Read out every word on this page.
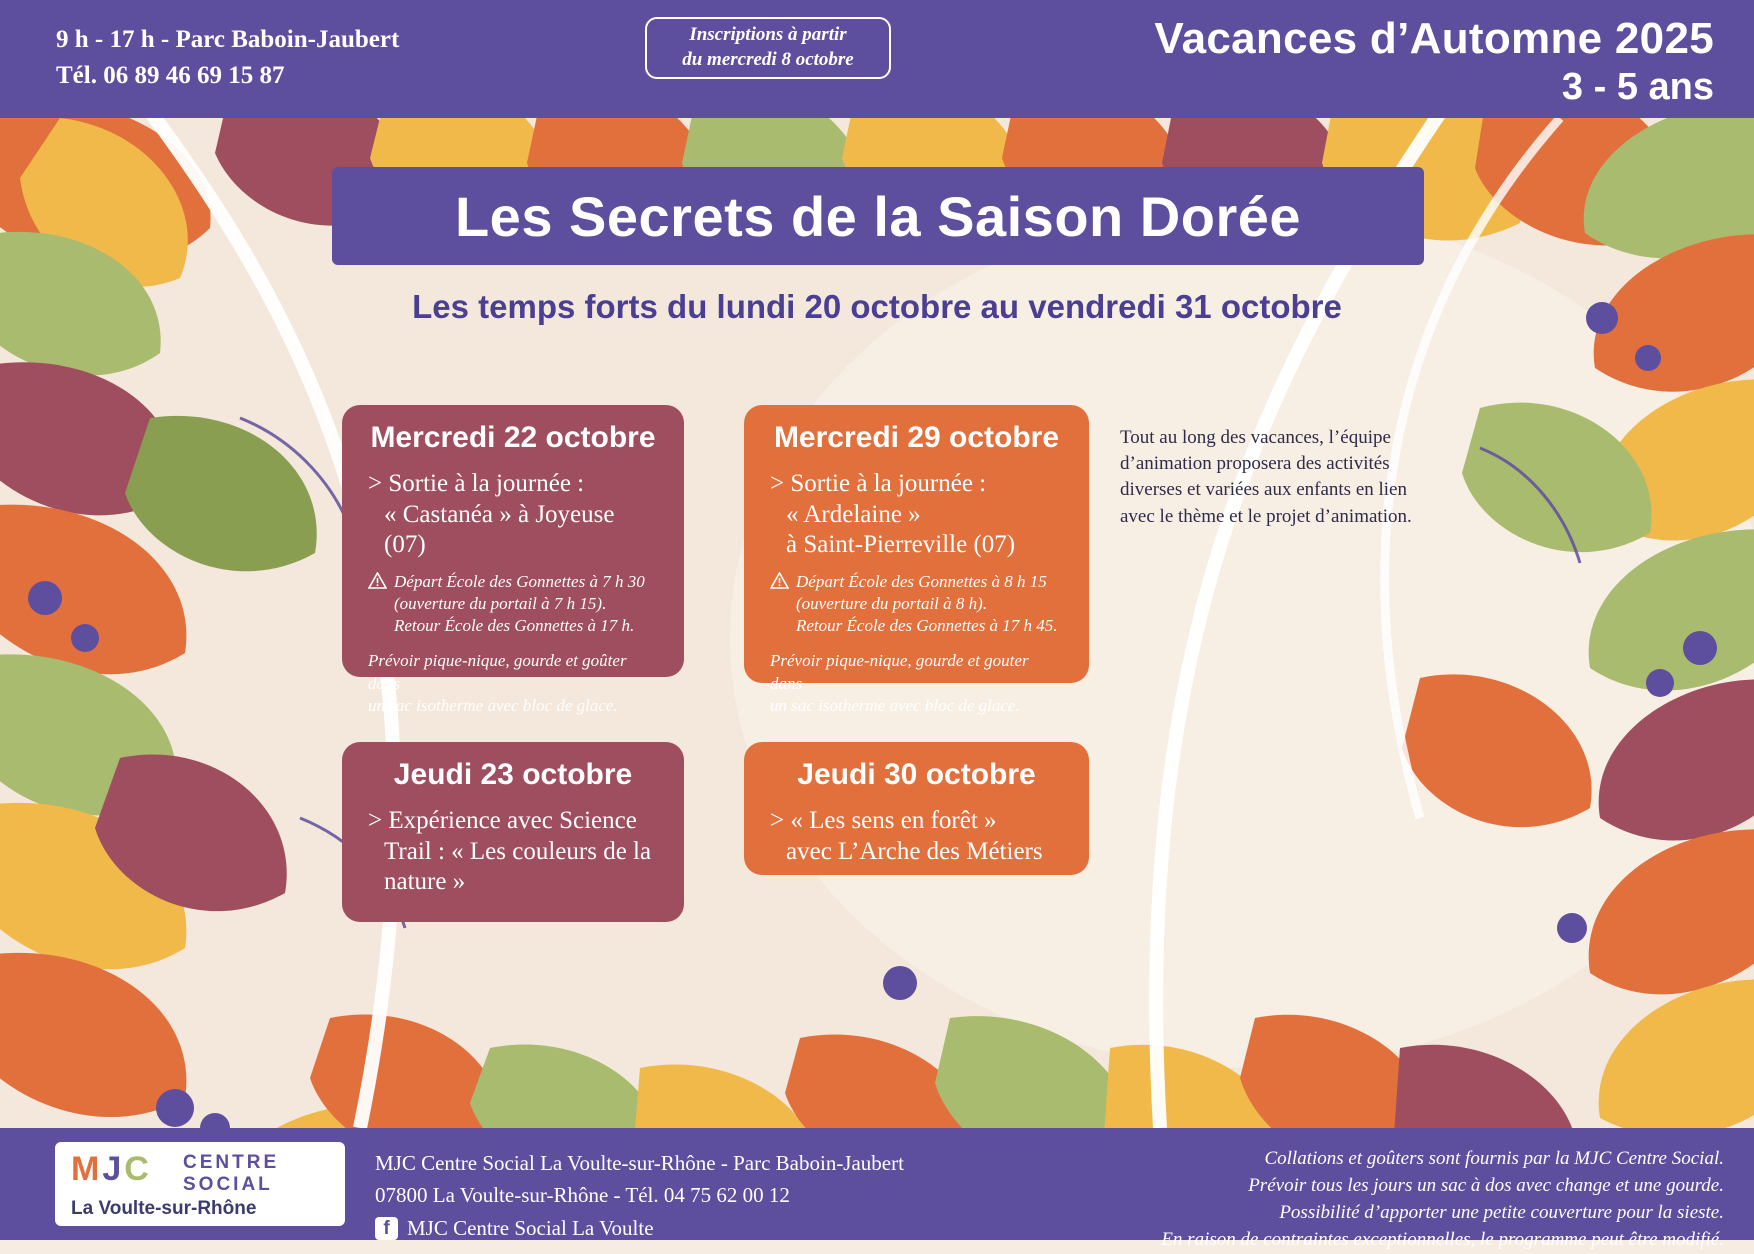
9 h - 17 h - Parc Baboin-Jaubert
Tél. 06 89 46 69 15 87
Inscriptions à partir
du mercredi 8 octobre	Vacances d’Automne 2025
3 - 5 ans
Les Secrets de la Saison Dorée
Les temps forts du lundi 20 octobre au vendredi 31 octobre
Mercredi 22 octobre
> Sortie à la journée :
« Castanéa » à Joyeuse (07)
Départ École des Gonnettes à 7 h 30
(ouverture du portail à 7 h 15).
Retour École des Gonnettes à 17 h.
Prévoir pique-nique, gourde et goûter dans
un sac isotherme avec bloc de glace.
Mercredi 29 octobre
> Sortie à la journée :
« Ardelaine »
à Saint-Pierreville (07)
Départ École des Gonnettes à 8 h 15
(ouverture du portail à 8 h).
Retour École des Gonnettes à 17 h 45.
Prévoir pique-nique, gourde et gouter dans
un sac isotherme avec bloc de glace.
Jeudi 23 octobre
> Expérience avec Science
Trail : « Les couleurs de la
nature »
Jeudi 30 octobre
> « Les sens en forêt »
avec L’Arche des Métiers
Tout au long des vacances, l’équipe d’animation proposera des activités diverses et variées aux enfants en lien avec le thème et le projet d’animation.
MJC CENTRE
SOCIAL
La Voulte-sur-Rhône
MJC Centre Social La Voulte-sur-Rhône - Parc Baboin-Jaubert
07800 La Voulte-sur-Rhône - Tél. 04 75 62 00 12
f MJC Centre Social La Voulte
Collations et goûters sont fournis par la MJC Centre Social.
Prévoir tous les jours un sac à dos avec change et une gourde.
Possibilité d’apporter une petite couverture pour la sieste.
En raison de contraintes exceptionnelles, le programme peut être modifié.
